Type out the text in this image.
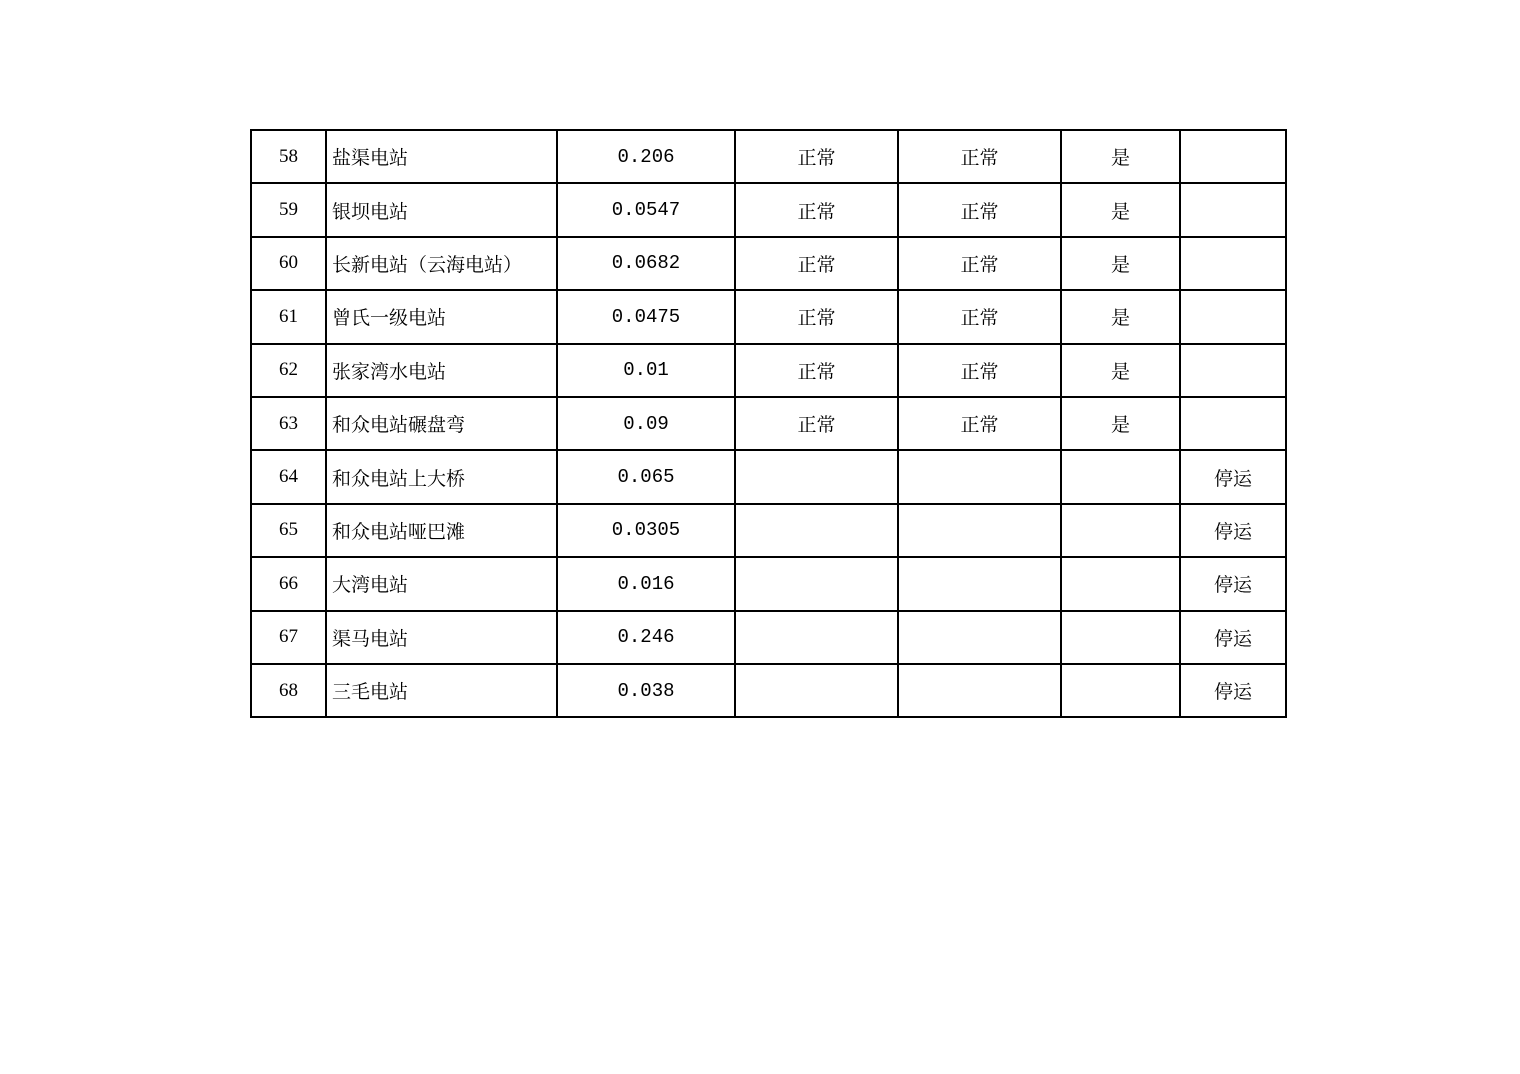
58	盐渠电站	0.206	正常	正常	是	
59	银坝电站	0.0547	正常	正常	是	
60	长新电站（云海电站）	0.0682	正常	正常	是	
61	曾氏一级电站	0.0475	正常	正常	是	
62	张家湾水电站	0.01	正常	正常	是	
63	和众电站碾盘弯	0.09	正常	正常	是	
64	和众电站上大桥	0.065				停运
65	和众电站哑巴滩	0.0305				停运
66	大湾电站	0.016				停运
67	渠马电站	0.246				停运
68	三毛电站	0.038				停运
